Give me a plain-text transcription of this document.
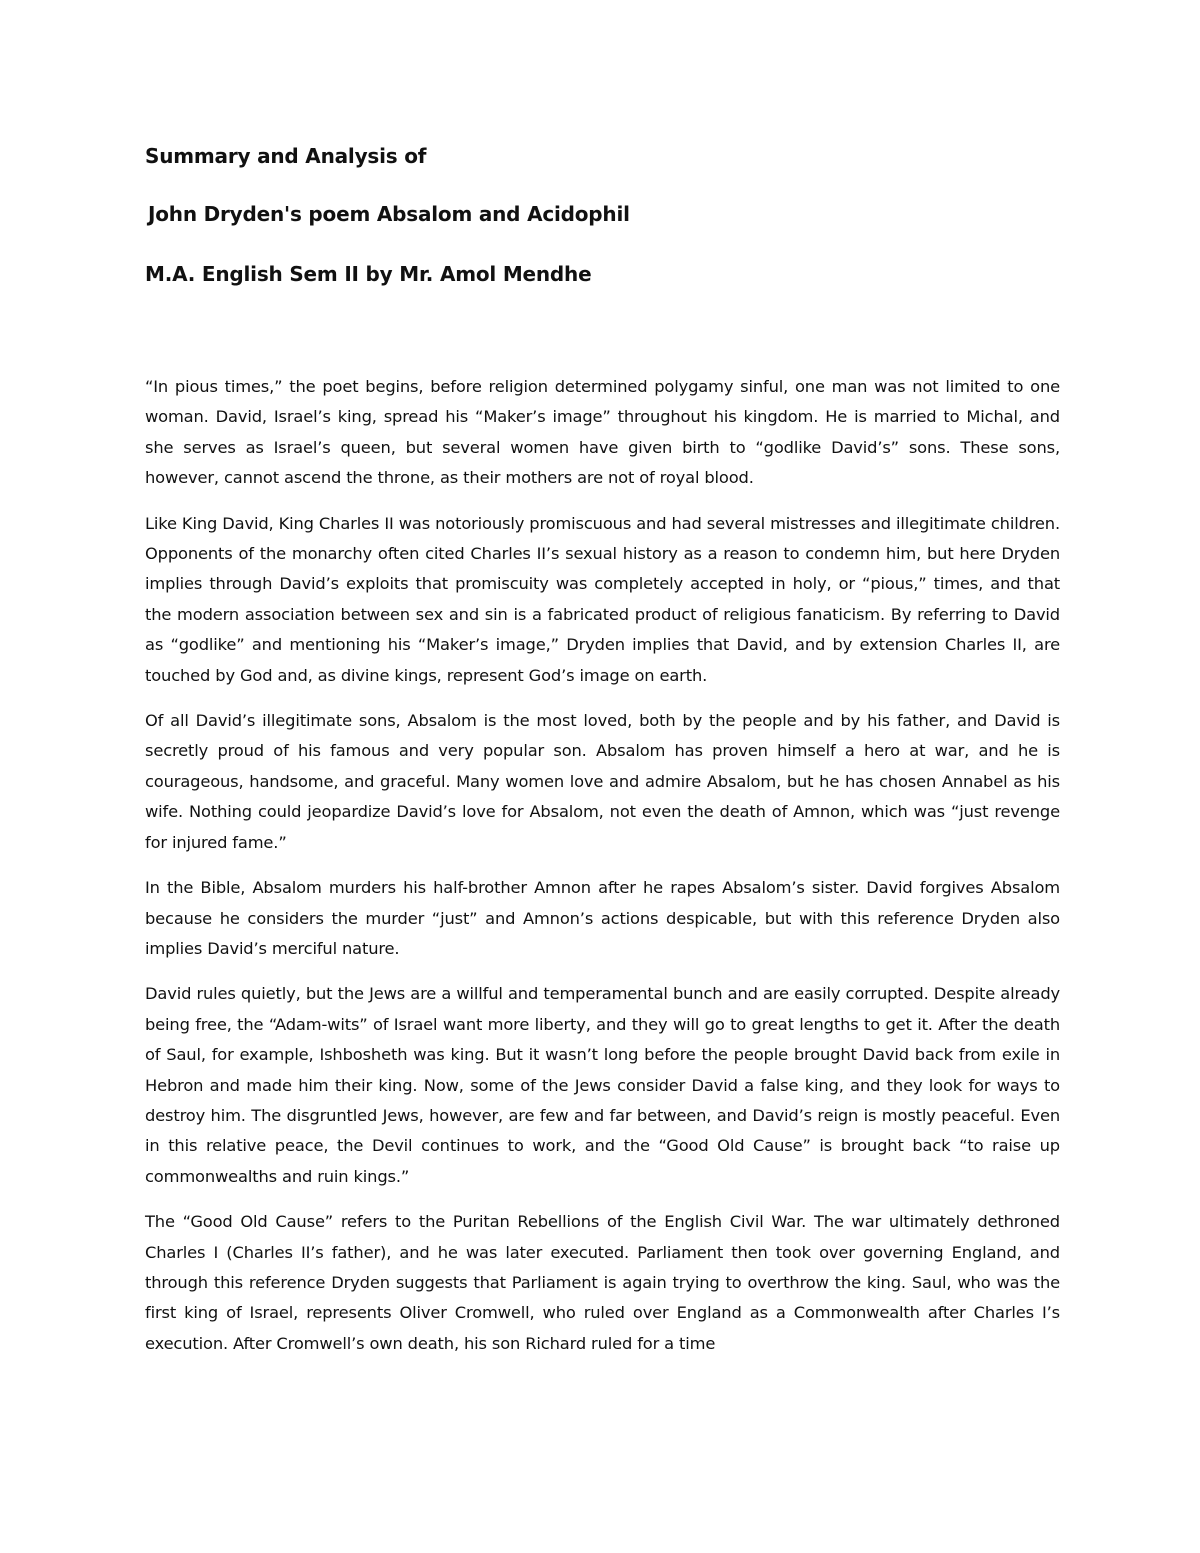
Summary and Analysis of

John Dryden's poem Absalom and Acidophil

M.A. English Sem II by Mr. Amol Mendhe

“In pious times,” the poet begins, before religion determined polygamy sinful, one man was not limited to one woman. David, Israel’s king, spread his “Maker’s image” throughout his kingdom. He is married to Michal, and she serves as Israel’s queen, but several women have given birth to “godlike David’s” sons. These sons, however, cannot ascend the throne, as their mothers are not of royal blood.

Like King David, King Charles II was notoriously promiscuous and had several mistresses and illegitimate children. Opponents of the monarchy often cited Charles II’s sexual history as a reason to condemn him, but here Dryden implies through David’s exploits that promiscuity was completely accepted in holy, or “pious,” times, and that the modern association between sex and sin is a fabricated product of religious fanaticism. By referring to David as “godlike” and mentioning his “Maker’s image,” Dryden implies that David, and by extension Charles II, are touched by God and, as divine kings, represent God’s image on earth.

Of all David’s illegitimate sons, Absalom is the most loved, both by the people and by his father, and David is secretly proud of his famous and very popular son. Absalom has proven himself a hero at war, and he is courageous, handsome, and graceful. Many women love and admire Absalom, but he has chosen Annabel as his wife. Nothing could jeopardize David’s love for Absalom, not even the death of Amnon, which was “just revenge for injured fame.”

In the Bible, Absalom murders his half-brother Amnon after he rapes Absalom’s sister. David forgives Absalom because he considers the murder “just” and Amnon’s actions despicable, but with this reference Dryden also implies David’s merciful nature.

David rules quietly, but the Jews are a willful and temperamental bunch and are easily corrupted. Despite already being free, the “Adam-wits” of Israel want more liberty, and they will go to great lengths to get it. After the death of Saul, for example, Ishbosheth was king. But it wasn’t long before the people brought David back from exile in Hebron and made him their king. Now, some of the Jews consider David a false king, and they look for ways to destroy him. The disgruntled Jews, however, are few and far between, and David’s reign is mostly peaceful. Even in this relative peace, the Devil continues to work, and the “Good Old Cause” is brought back “to raise up commonwealths and ruin kings.”

The “Good Old Cause” refers to the Puritan Rebellions of the English Civil War. The war ultimately dethroned Charles I (Charles II’s father), and he was later executed. Parliament then took over governing England, and through this reference Dryden suggests that Parliament is again trying to overthrow the king. Saul, who was the first king of Israel, represents Oliver Cromwell, who ruled over England as a Commonwealth after Charles I’s execution. After Cromwell’s own death, his son Richard ruled for a time
